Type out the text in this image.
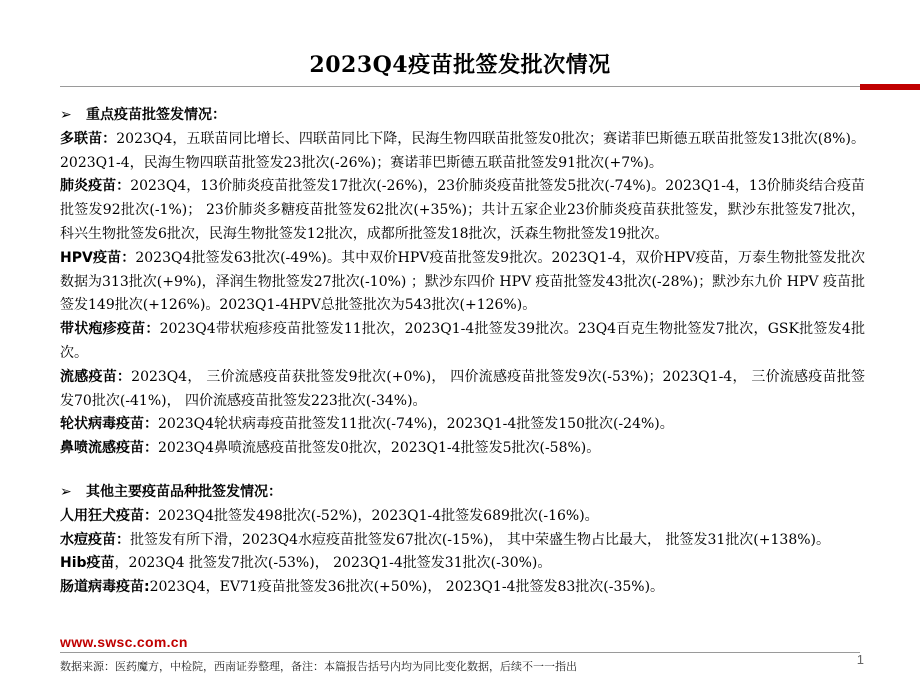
2023Q4疫苗批签发批次情况
➢ 重点疫苗批签发情况：
多联苗：2023Q4，五联苗同比增长、四联苗同比下降，民海生物四联苗批签发0批次；赛诺菲巴斯德五联苗批签发13批次(8%)。2023Q1-4，民海生物四联苗批签发23批次(-26%)；赛诺菲巴斯德五联苗批签发91批次(+7%)。
肺炎疫苗：2023Q4，13价肺炎疫苗批签发17批次(-26%)，23价肺炎疫苗批签发5批次(-74%)。2023Q1-4，13价肺炎结合疫苗批签发92批次(-1%)； 23价肺炎多糖疫苗批签发62批次(+35%)；共计五家企业23价肺炎疫苗获批签发，默沙东批签发7批次，科兴生物批签发6批次，民海生物批签发12批次，成都所批签发18批次，沃森生物批签发19批次。
HPV疫苗：2023Q4批签发63批次(-49%)。其中双价HPV疫苗批签发9批次。2023Q1-4，双价HPV疫苗，万泰生物批签发批次数据为313批次(+9%)，泽润生物批签发27批次(-10%) ；默沙东四价 HPV 疫苗批签发43批次(-28%)；默沙东九价 HPV 疫苗批签发149批次(+126%)。2023Q1-4HPV总批签批次为543批次(+126%)。
带状疱疹疫苗：2023Q4带状疱疹疫苗批签发11批次，2023Q1-4批签发39批次。23Q4百克生物批签发7批次，GSK批签发4批次。
流感疫苗：2023Q4， 三价流感疫苗获批签发9批次(+0%)， 四价流感疫苗批签发9次(-53%)；2023Q1-4， 三价流感疫苗批签发70批次(-41%)， 四价流感疫苗批签发223批次(-34%)。
轮状病毒疫苗：2023Q4轮状病毒疫苗批签发11批次(-74%)，2023Q1-4批签发150批次(-24%)。
鼻喷流感疫苗：2023Q4鼻喷流感疫苗批签发0批次，2023Q1-4批签发5批次(-58%)。
➢ 其他主要疫苗品种批签发情况：
人用狂犬疫苗：2023Q4批签发498批次(-52%)，2023Q1-4批签发689批次(-16%)。
水痘疫苗：批签发有所下滑，2023Q4水痘疫苗批签发67批次(-15%)， 其中荣盛生物占比最大， 批签发31批次(+138%)。
Hib疫苗，2023Q4 批签发7批次(-53%)， 2023Q1-4批签发31批次(-30%)。
肠道病毒疫苗:2023Q4，EV71疫苗批签发36批次(+50%)， 2023Q1-4批签发83批次(-35%)。
www.swsc.com.cn
数据来源：医药魔方，中检院，西南证券整理，备注：本篇报告括号内均为同比变化数据，后续不一一指出	1
